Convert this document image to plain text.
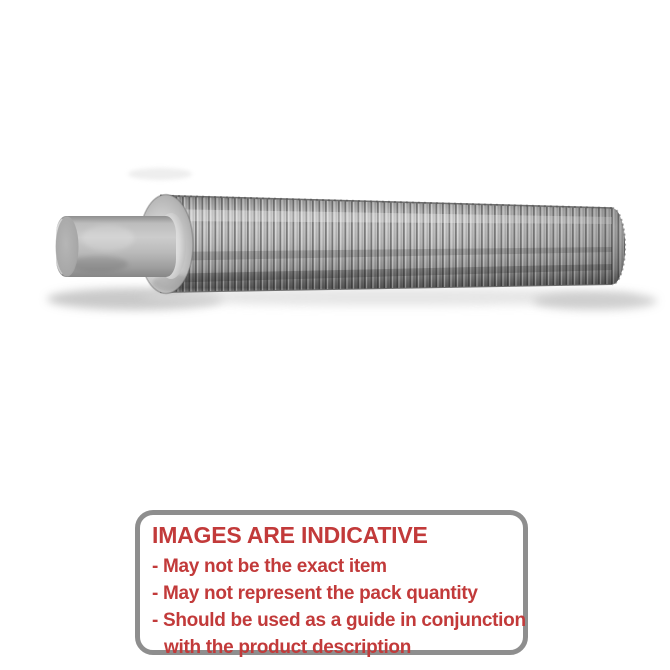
IMAGES ARE INDICATIVE
- May not be the exact item
- May not represent the pack quantity
- Should be used as a guide in conjunction
with the product description
